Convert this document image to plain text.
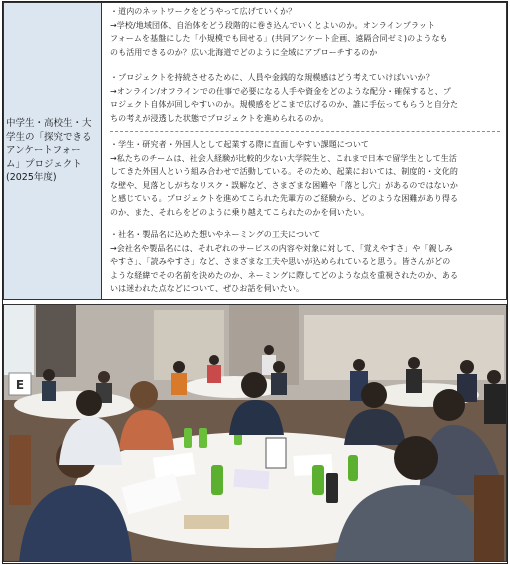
中学生・高校生・大
学生の「探究できる
アンケートフォー
ム」プロジェクト
(2025年度)

・道内のネットワークをどうやって広げていくか？

→学校/地域団体、自治体をどう段階的に巻き込んでいくとよいのか。オンラインプラット

フォームを基盤にした「小規模でも回せる」(共同アンケート企画、遠隔合同ゼミ)のようなも

のも活用できるのか？広い北海道でどのように全域にアプローチするのか

・プロジェクトを持続させるために、人員や金銭的な規模感はどう考えていけばいいか？

→オンライン/オフラインでの仕事で必要になる人手や資金をどのような配分・確保すると、プ

ロジェクト自体が回しやすいのか。規模感をどこまで広げるのか、誰に手伝ってもらうと自分た

ちの考えが浸透した状態でプロジェクトを進められるのか。

・学生・研究者・外国人として起業する際に直面しやすい課題について

→私たちのチームは、社会人経験が比較的少ない大学院生と、これまで日本で留学生として生活

してきた外国人という組み合わせで活動している。そのため、起業においては、制度的・文化的

な壁や、見落としがちなリスク・誤解など、さまざまな困難や「落とし穴」があるのではないか

と感じている。プロジェクトを進めてこられた先輩方のご経験から、どのような困難があり得る

のか、また、それらをどのように乗り越えてこられたのかを伺いたい。

・社名・製品名に込めた想いやネーミングの工夫について

→会社名や製品名には、それぞれのサービスの内容や対象に対して、「覚えやすさ」や「親しみ

やすさ」、「読みやすさ」など、さまざまな工夫や思いが込められていると思う。皆さんがどの

ような経緯でその名前を決めたのか、ネーミングに際してどのような点を重視されたのか、ある

いは迷われた点などについて、ぜひお話を伺いたい。

E
